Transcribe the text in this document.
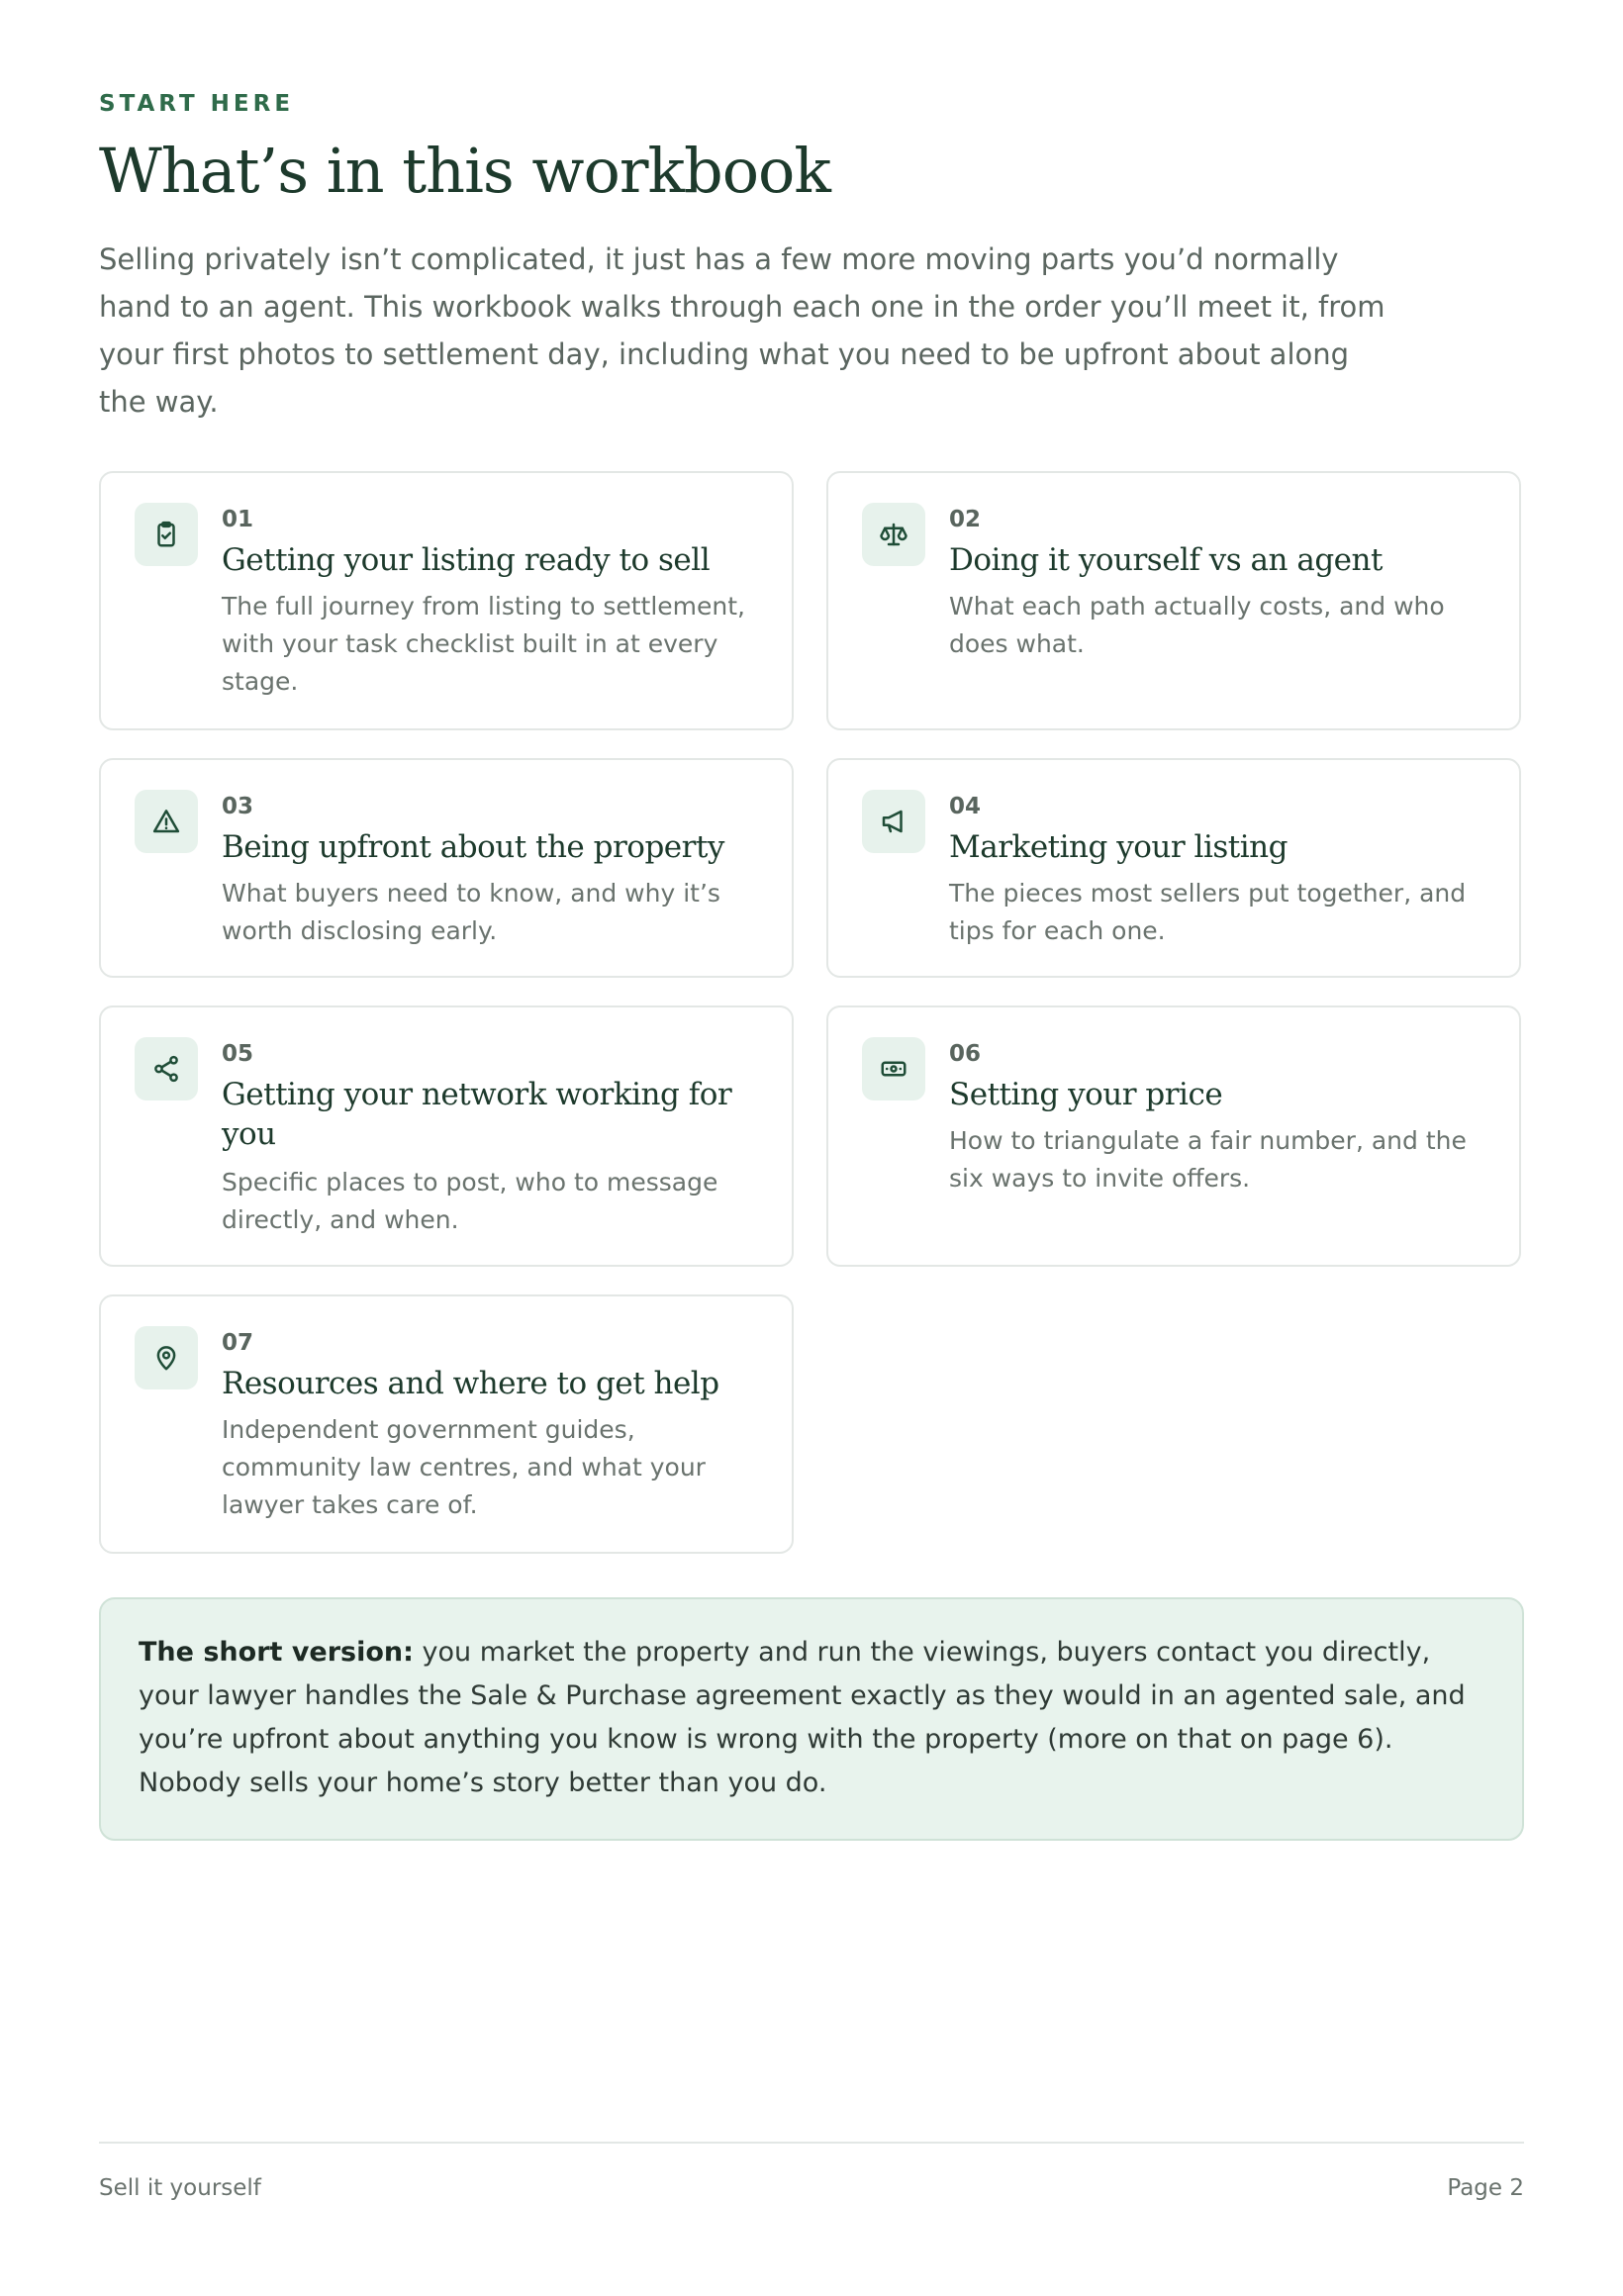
START HERE
What’s in this workbook

Selling privately isn’t complicated, it just has a few more moving parts you’d normally hand to an agent. This workbook walks through each one in the order you’ll meet it, from your first photos to settlement day, including what you need to be upfront about along the way.

01
Getting your listing ready to sell
The full journey from listing to settlement, with your task checklist built in at every stage.
02
Doing it yourself vs an agent
What each path actually costs, and who does what.
03
Being upfront about the property
What buyers need to know, and why it’s worth disclosing early.
04
Marketing your listing
The pieces most sellers put together, and tips for each one.
05
Getting your network working for you
Specific places to post, who to message directly, and when.
06
Setting your price
How to triangulate a fair number, and the six ways to invite offers.
07
Resources and where to get help
Independent government guides, community law centres, and what your lawyer takes care of.
The short version: you market the property and run the viewings, buyers contact you directly, your lawyer handles the Sale & Purchase agreement exactly as they would in an agented sale, and you’re upfront about anything you know is wrong with the property (more on that on page 6). Nobody sells your home’s story better than you do.
Sell it yourself	Page 2
